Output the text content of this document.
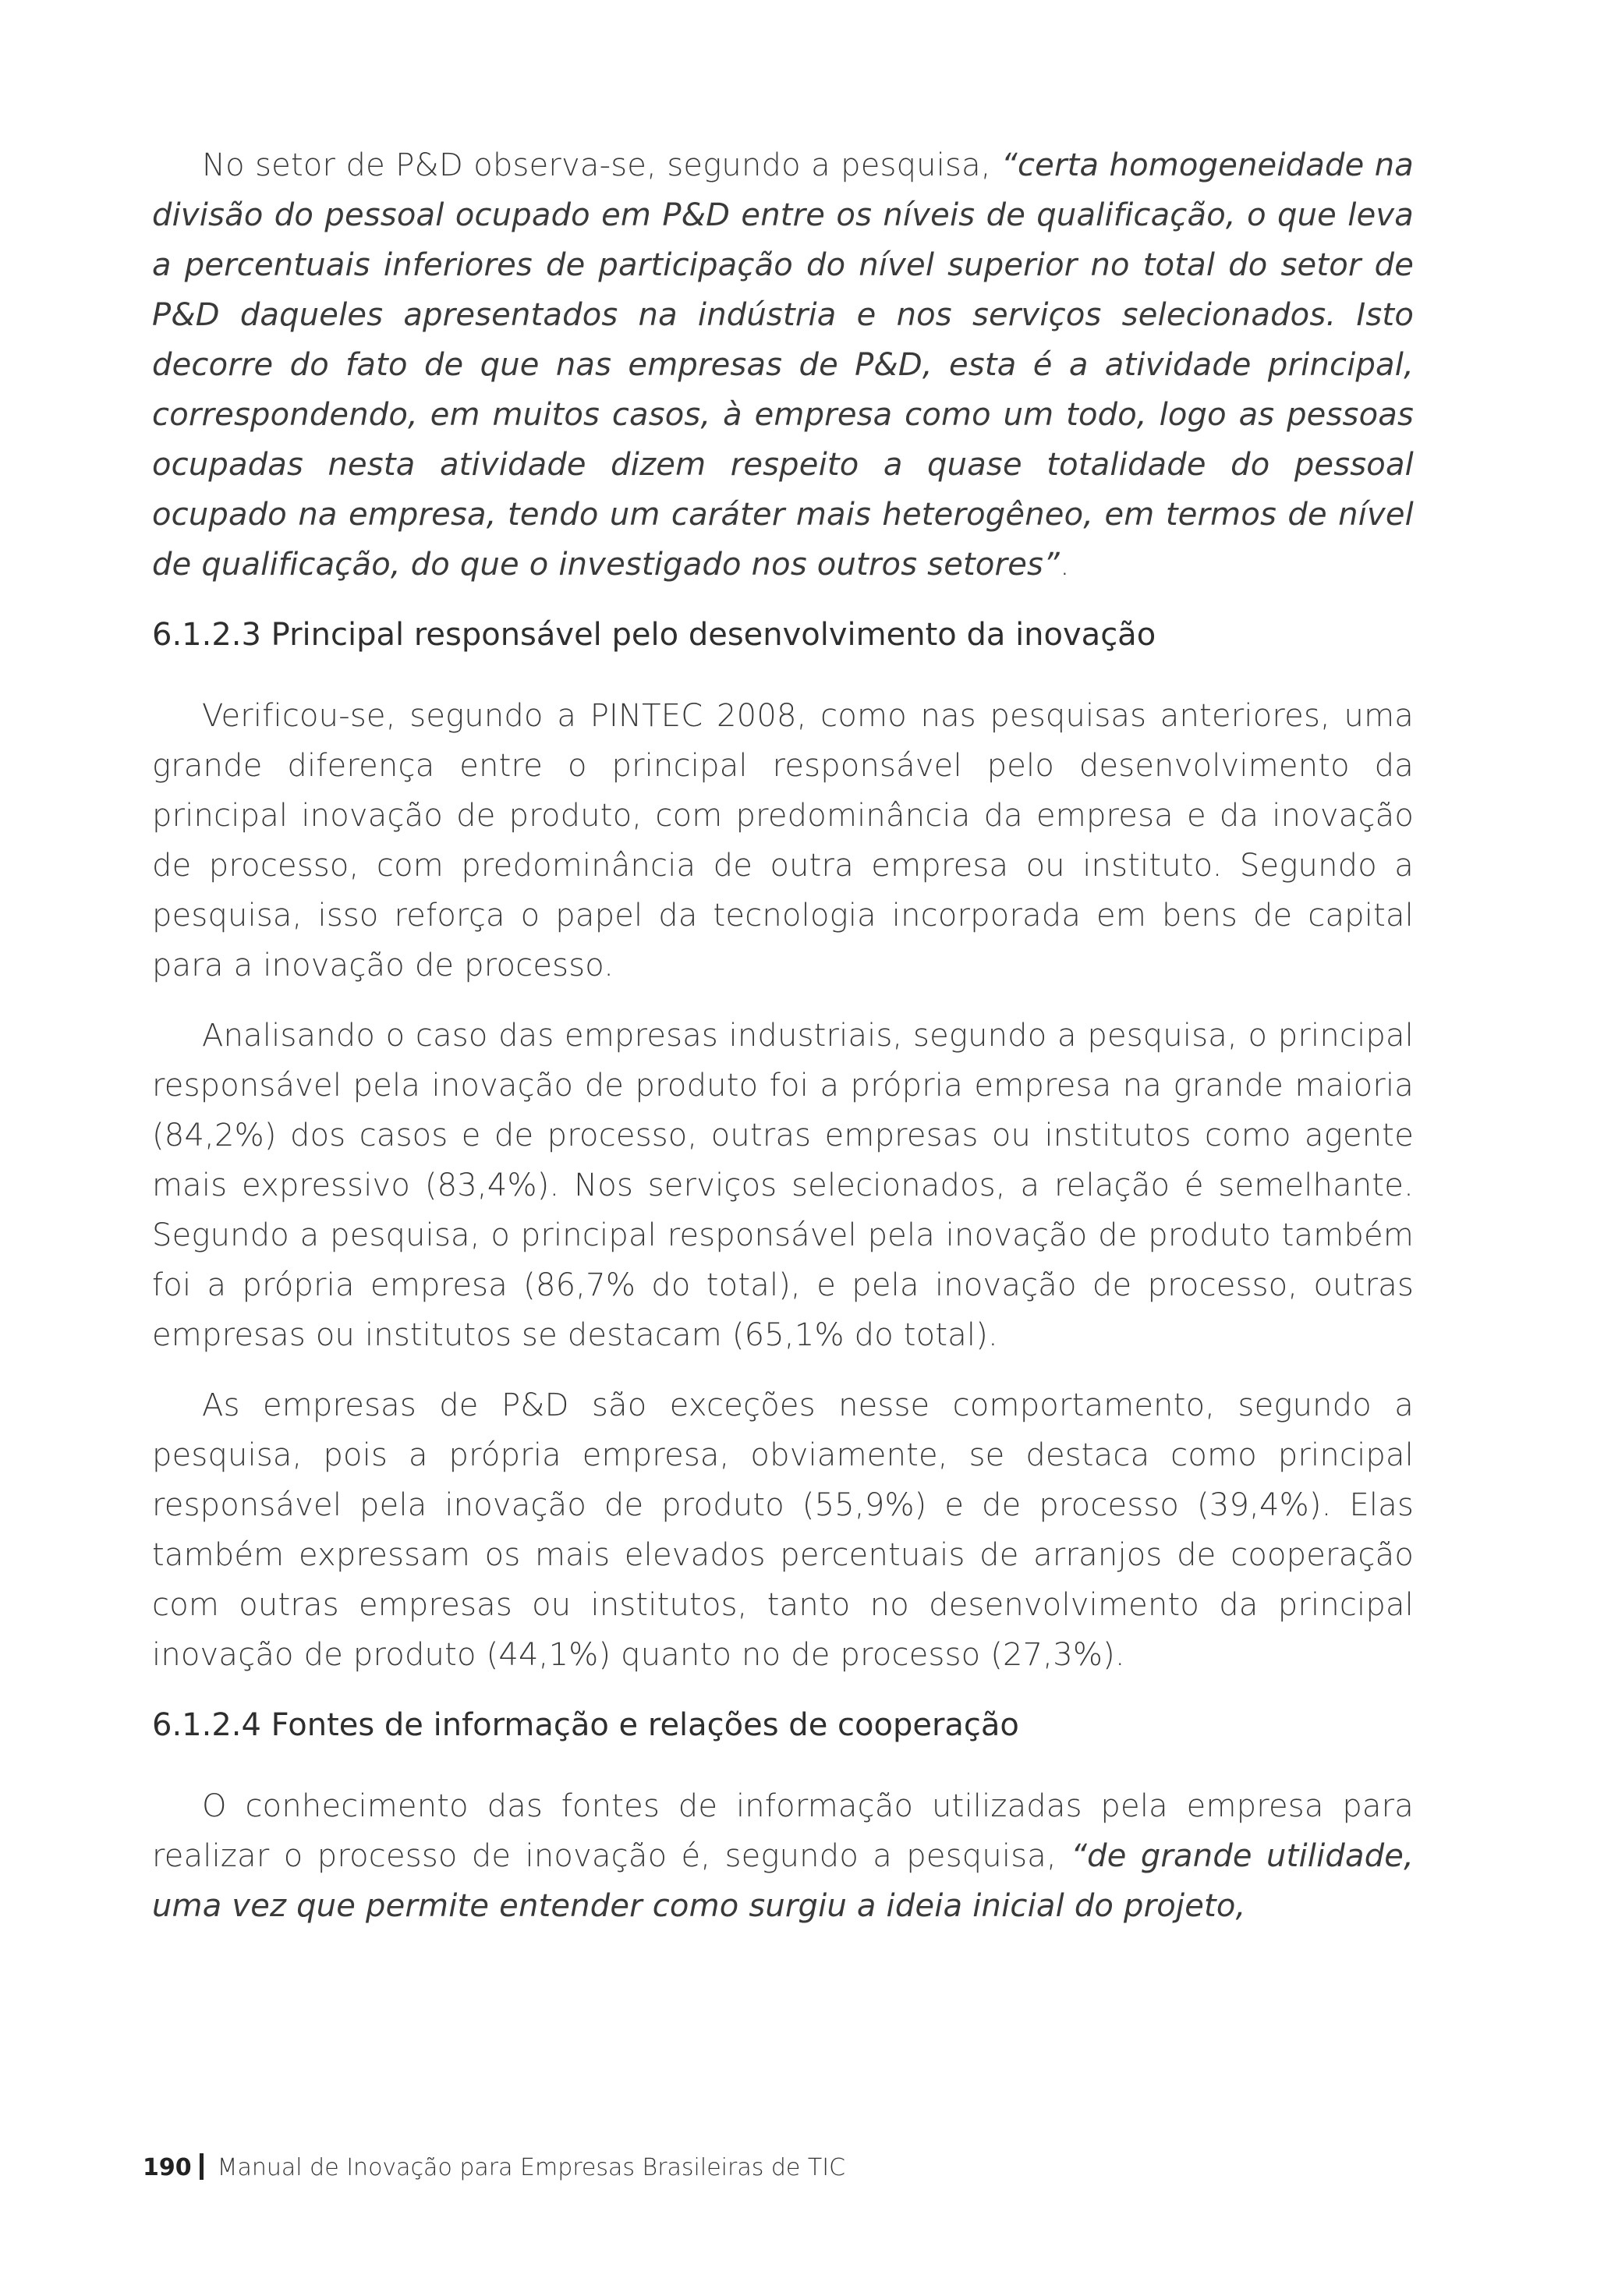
No setor de P&D observa-se, segundo a pesquisa, “certa homogeneidade na divisão do pessoal ocupado em P&D entre os níveis de qualificação, o que leva a percentuais inferiores de participação do nível superior no total do setor de P&D daqueles apresentados na indústria e nos serviços selecionados. Isto decorre do fato de que nas empresas de P&D, esta é a atividade principal, correspondendo, em muitos casos, à empresa como um todo, logo as pessoas ocupadas nesta atividade dizem respeito a quase totalidade do pessoal ocupado na empresa, tendo um caráter mais heterogêneo, em termos de nível de qualificação, do que o investigado nos outros setores”.

6.1.2.3 Principal responsável pelo desenvolvimento da inovação

Verificou-se, segundo a PINTEC 2008, como nas pesquisas anteriores, uma grande diferença entre o principal responsável pelo desenvolvimento da principal inovação de produto, com predominância da empresa e da inovação de processo, com predominância de outra empresa ou instituto. Segundo a pesquisa, isso reforça o papel da tecnologia incorporada em bens de capital para a inovação de processo.

Analisando o caso das empresas industriais, segundo a pesquisa, o principal responsável pela inovação de produto foi a própria empresa na grande maioria (84,2%) dos casos e de processo, outras empresas ou institutos como agente mais expressivo (83,4%). Nos serviços selecionados, a relação é semelhante. Segundo a pesquisa, o principal responsável pela inovação de produto também foi a própria empresa (86,7% do total), e pela inovação de processo, outras empresas ou institutos se destacam (65,1% do total).

As empresas de P&D são exceções nesse comportamento, segundo a pesquisa, pois a própria empresa, obviamente, se destaca como principal responsável pela inovação de produto (55,9%) e de processo (39,4%). Elas também expressam os mais elevados percentuais de arranjos de cooperação com outras empresas ou institutos, tanto no desenvolvimento da principal inovação de produto (44,1%) quanto no de processo (27,3%).

6.1.2.4 Fontes de informação e relações de cooperação

O conhecimento das fontes de informação utilizadas pela empresa para realizar o processo de inovação é, segundo a pesquisa, “de grande utilidade, uma vez que permite entender como surgiu a ideia inicial do projeto,

190 Manual de Inovação para Empresas Brasileiras de TIC
